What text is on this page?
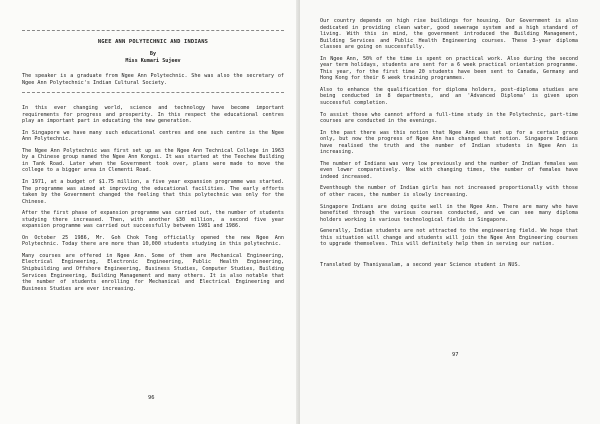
NGEE ANN POLYTECHNIC AND INDIANS
By
Miss Kumari Sujeev

The speaker is a graduate from Ngee Ann Polytechnic. She was also the secretary of Ngee Ann Polytechnic's Indian Cultural Society.

In this ever changing world, science and technology have become important requirements for progress and prosperity. In this respect the educational centres play an important part in educating the new generation.

In Singapore we have many such educational centres and one such centre is the Ngee Ann Polytechnic.

The Ngee Ann Polytechnic was first set up as the Ngee Ann Technical College in 1963 by a Chinese group named the Ngee Ann Kongsi. It was started at the Teochew Building in Tank Road. Later when the Government took over, plans were made to move the college to a bigger area in Clementi Road.

In 1971, at a budget of $1.75 million, a five year expansion programme was started. The programme was aimed at improving the educational facilities. The early efforts taken by the Government changed the feeling that this polytechnic was only for the Chinese.

After the first phase of expansion programme was carried out, the number of students studying there increased. Then, with another $30 million, a second five year expansion programme was carried out successfully between 1981 and 1986.

On October 25 1986, Mr. Goh Chok Tong officially opened the new Ngee Ann Polytechnic. Today there are more than 10,000 students studying in this polytechnic.

Many courses are offered in Ngee Ann. Some of them are Mechanical Engineering, Electrical Engineering, Electronic Engineering, Public Health Engineering, Shipbuilding and Offshore Engineering, Business Studies, Computer Studies, Building Services Engineering, Building Management and many others. It is also notable that the number of students enrolling for Mechanical and Electrical Engineering and Business Studies are ever increasing.

96

Our country depends on high rise buildings for housing. Our Government is also dedicated in providing clean water, good sewerage system and a high standard of living. With this in mind, the government introduced the Building Management, Building Services and Public Health Engineering courses. These 3-year diploma classes are going on successfully.

In Ngee Ann, 50% of the time is spent on practical work. Also during the second year term holidays, students are sent for a 6 week practical orientation programme. This year, for the first time 20 students have been sent to Canada, Germany and Hong Kong for their 6 week training programmes.

Also to enhance the qualification for diploma holders, post-diploma studies are being conducted in 8 departments, and an 'Advanced Diploma' is given upon successful completion.

To assist those who cannot afford a full-time study in the Polytechnic, part-time courses are conducted in the evenings.

In the past there was this notion that Ngee Ann was set up for a certain group only, but now the progress of Ngee Ann has changed that notion. Singapore Indians have realised the truth and the number of Indian students in Ngee Ann is increasing.

The number of Indians was very low previously and the number of Indian females was even lower comparatively. Now with changing times, the number of females have indeed increased.

Eventhough the number of Indian girls has not increased proportionally with those of other races, the number is slowly increasing.

Singapore Indians are doing quite well in the Ngee Ann. There are many who have benefited through the various courses conducted, and we can see many diploma holders working in various technological fields in Singapore.

Generally, Indian students are not attracted to the engineering field. We hope that this situation will change and students will join the Ngee Ann Engineering courses to upgrade themselves. This will definitely help them in serving our nation.

Translated by Thaniyasalam, a second year Science student in NUS.

97
